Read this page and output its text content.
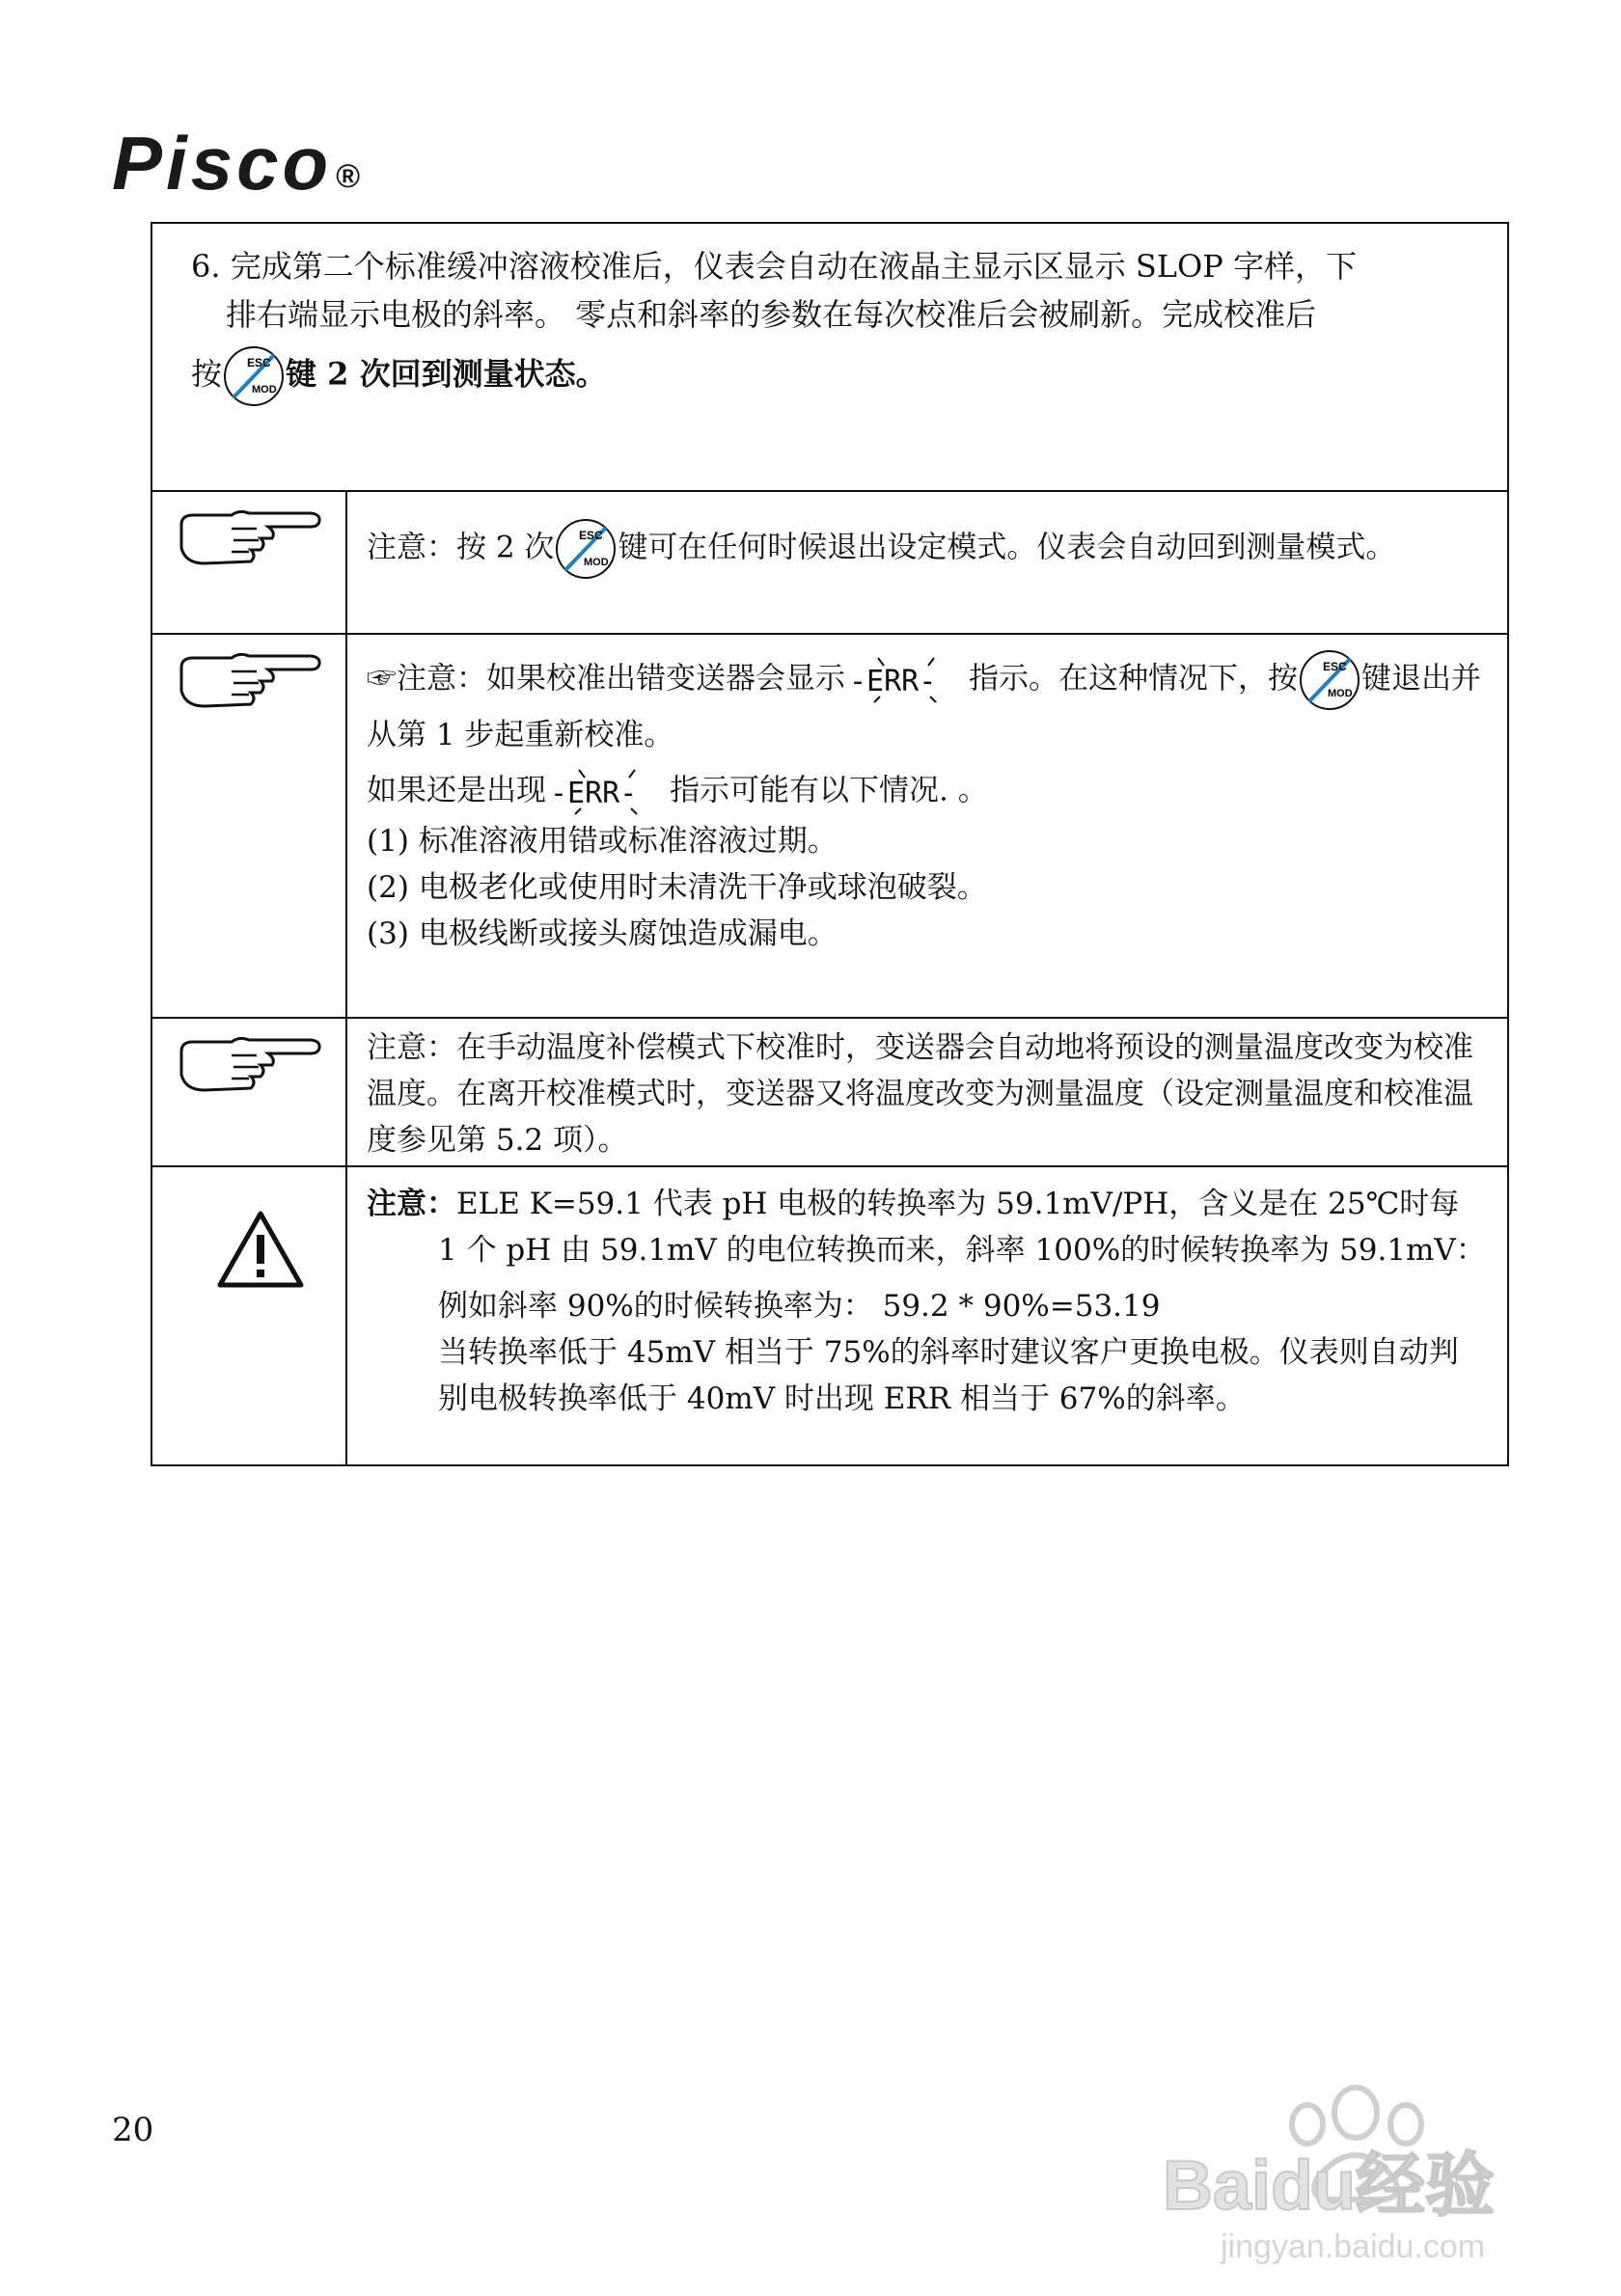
Pisco ®
6. 完成第二个标准缓冲溶液校准后，仪表会自动在液晶主显示区显示 SLOP 字样，下
排右端显示电极的斜率。 零点和斜率的参数在每次校准后会被刷新。完成校准后
按 ESC
MOD 键 2 次回到测量状态。
注意：按 2 次 ESC
MOD 键可在任何时候退出设定模式。仪表会自动回到测量模式。
☞注意：如果校准出错变送器会显示 -ERR- 指示。在这种情况下，按 ESC
MOD 键退出并从第 1 步起重新校准。
如果还是出现 -ERR- 指示可能有以下情况. 。
(1) 标准溶液用错或标准溶液过期。
(2) 电极老化或使用时未清洗干净或球泡破裂。
(3) 电极线断或接头腐蚀造成漏电。
注意：在手动温度补偿模式下校准时，变送器会自动地将预设的测量温度改变为校准温度。在离开校准模式时，变送器又将温度改变为测量温度（设定测量温度和校准温度参见第 5.2 项）。
注意：ELE K=59.1 代表 pH 电极的转换率为 59.1mV/PH，含义是在 25℃时每 1 个 pH 由 59.1mV 的电位转换而来，斜率 100%的时候转换率为 59.1mV：
例如斜率 90%的时候转换率为： 59.2 * 90%=53.19
当转换率低于 45mV 相当于 75%的斜率时建议客户更换电极。仪表则自动判别电极转换率低于 40mV 时出现 ERR 相当于 67%的斜率。
20
Baidu经验
jingyan.baidu.com
